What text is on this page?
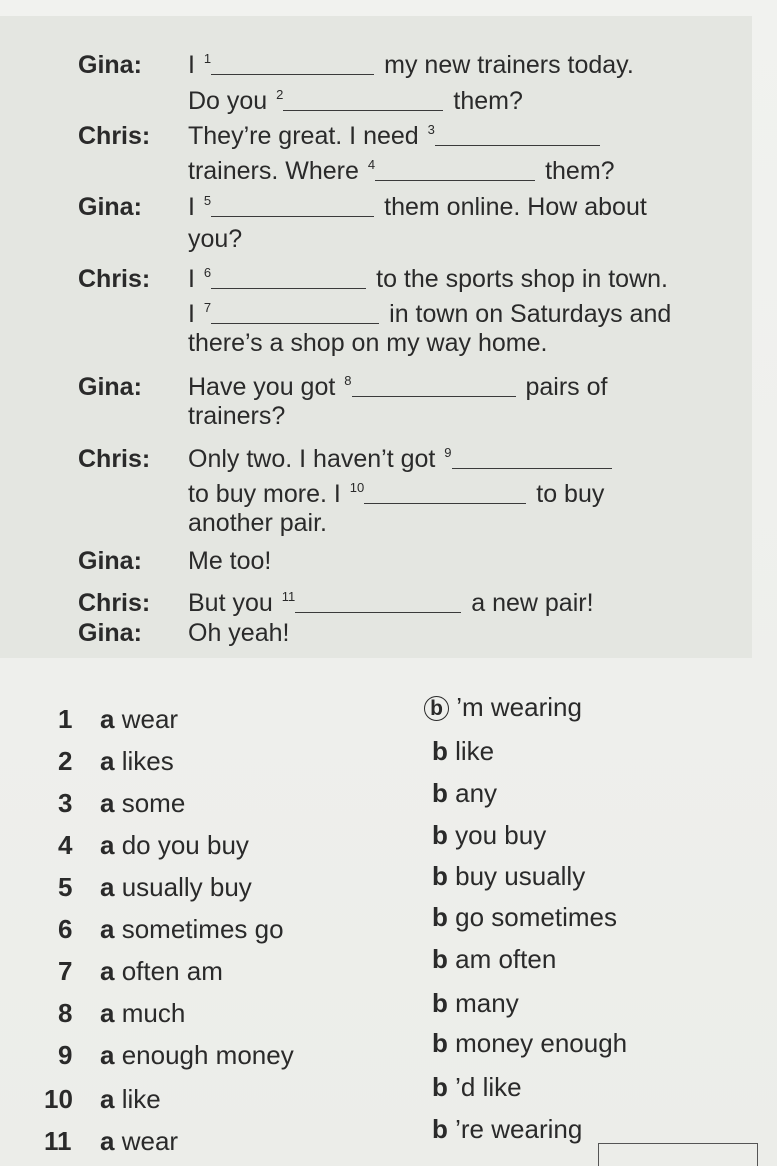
Gina: I $^1$	my new trainers today.
Do you $^2$	them?
Chris: They’re great. I need $^3$
trainers. Where $^4$	them?
Gina: I $^5$	them online. How about
you?
Chris: I $^6$	to the sports shop in town.
I $^7$	in town on Saturdays and
there’s a shop on my way home.
Gina: Have you got $^8$	pairs of
trainers?
Chris: Only two. I haven’t got $^9$
to buy more. I $^{10}$	to buy
another pair.
Gina: Me too!
Chris: But you $^{11}$	a new pair!
Gina: Oh yeah!
1 a wear	b ’m wearing
2 a likes	b like
3 a some	b any
4 a do you buy	b you buy
5 a usually buy	b buy usually
6 a sometimes go	b go sometimes
7 a often am	b am often
8 a much	b many
9 a enough money	b money enough
10 a like	b ’d like
11 a wear	b ’re wearing
